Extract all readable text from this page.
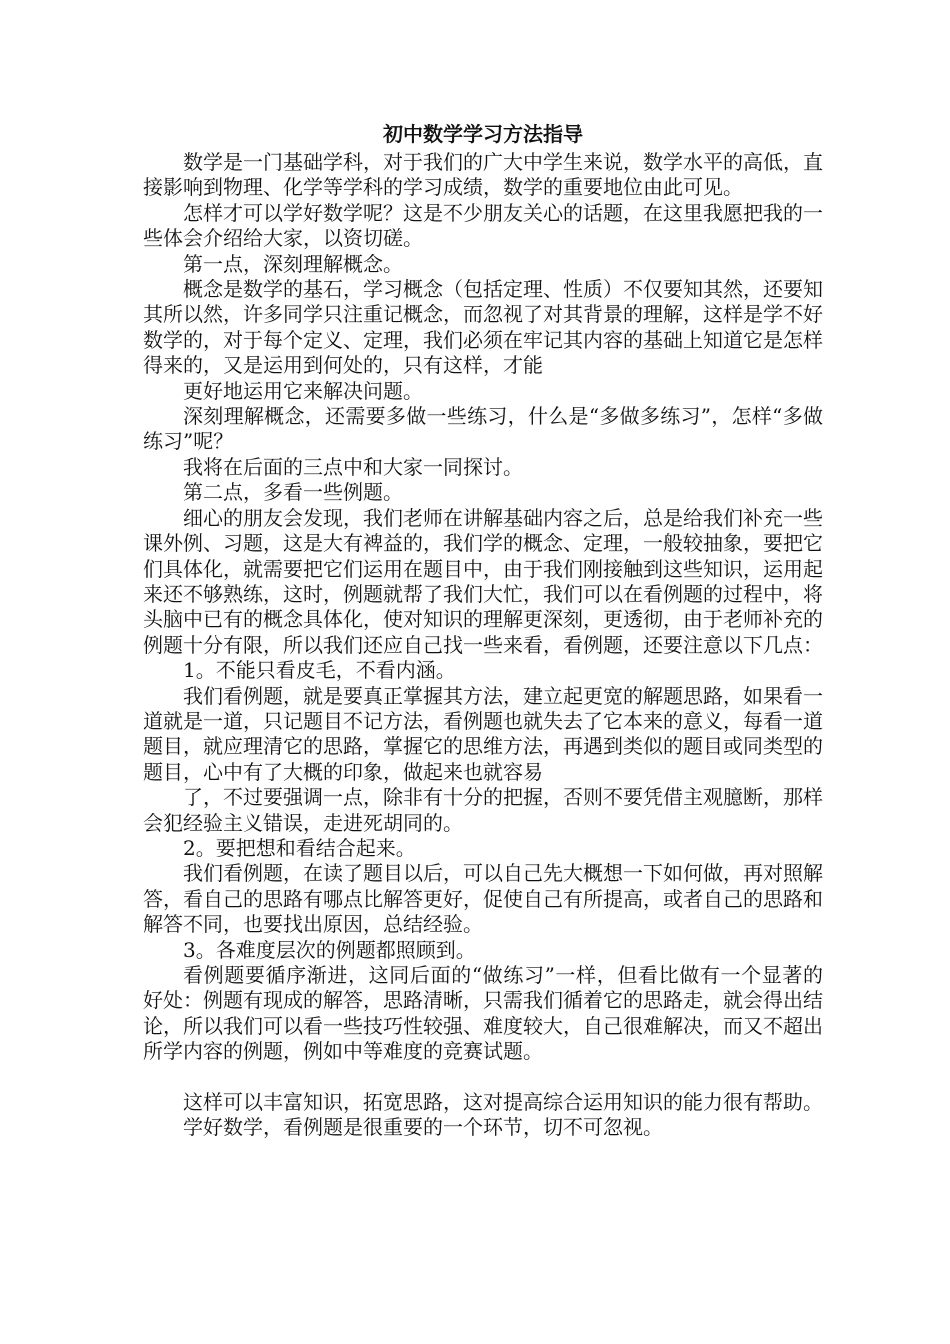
初中数学学习方法指导

数学是一门基础学科，对于我们的广大中学生来说，数学水平的高低，直接影响到物理、化学等学科的学习成绩，数学的重要地位由此可见。

怎样才可以学好数学呢？这是不少朋友关心的话题，在这里我愿把我的一些体会介绍给大家，以资切磋。

第一点，深刻理解概念。

概念是数学的基石，学习概念（包括定理、性质）不仅要知其然，还要知其所以然，许多同学只注重记概念，而忽视了对其背景的理解，这样是学不好数学的，对于每个定义、定理，我们必须在牢记其内容的基础上知道它是怎样得来的，又是运用到何处的，只有这样，才能

更好地运用它来解决问题。

深刻理解概念，还需要多做一些练习，什么是“多做多练习”，怎样“多做练习”呢？

我将在后面的三点中和大家一同探讨。

第二点，多看一些例题。

细心的朋友会发现，我们老师在讲解基础内容之后，总是给我们补充一些课外例、习题，这是大有裨益的，我们学的概念、定理，一般较抽象，要把它们具体化，就需要把它们运用在题目中，由于我们刚接触到这些知识，运用起来还不够熟练，这时，例题就帮了我们大忙，我们可以在看例题的过程中，将头脑中已有的概念具体化，使对知识的理解更深刻，更透彻，由于老师补充的例题十分有限，所以我们还应自己找一些来看，看例题，还要注意以下几点：

1。不能只看皮毛，不看内涵。

我们看例题，就是要真正掌握其方法，建立起更宽的解题思路，如果看一道就是一道，只记题目不记方法，看例题也就失去了它本来的意义，每看一道题目，就应理清它的思路，掌握它的思维方法，再遇到类似的题目或同类型的题目，心中有了大概的印象，做起来也就容易

了，不过要强调一点，除非有十分的把握，否则不要凭借主观臆断，那样会犯经验主义错误，走进死胡同的。

2。要把想和看结合起来。

我们看例题，在读了题目以后，可以自己先大概想一下如何做，再对照解答，看自己的思路有哪点比解答更好，促使自己有所提高，或者自己的思路和解答不同，也要找出原因，总结经验。

3。各难度层次的例题都照顾到。

看例题要循序渐进，这同后面的“做练习”一样，但看比做有一个显著的好处：例题有现成的解答，思路清晰，只需我们循着它的思路走，就会得出结论，所以我们可以看一些技巧性较强、难度较大，自己很难解决，而又不超出所学内容的例题，例如中等难度的竞赛试题。

这样可以丰富知识，拓宽思路，这对提高综合运用知识的能力很有帮助。

学好数学，看例题是很重要的一个环节，切不可忽视。
